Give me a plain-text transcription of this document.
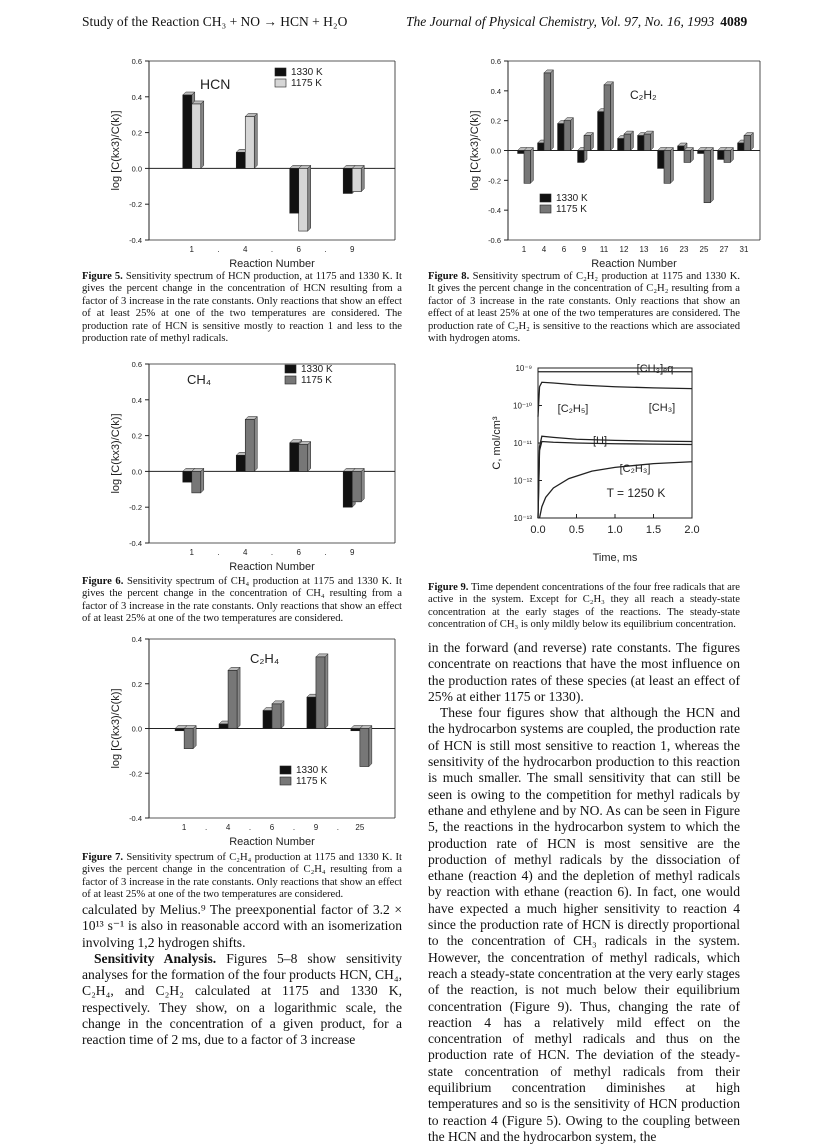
Study of the Reaction CH₃ + NO → HCN + H₂O	The Journal of Physical Chemistry, Vol. 97, No. 16, 1993 4089
-0.4
-0.2
0.0
0.2
0.4
0.6
log [C(kx3)/C(k)]
1	.	4	.	6	.	9
Reaction Number
HCN
1330 K
1175 K
Figure 5. Sensitivity spectrum of HCN production, at 1175 and 1330 K. It gives the percent change in the concentration of HCN resulting from a factor of 3 increase in the rate constants. Only reactions that show an effect of at least 25% at one of the two temperatures are considered. The production rate of HCN is sensitive mostly to reaction 1 and less to the production rate of methyl radicals.
-0.4
-0.2
0.0
0.2
0.4
0.6
log [C(kx3)/C(k)]
1	.	4	.	6	.	9
Reaction Number
CH₄
1330 K
1175 K
Figure 6. Sensitivity spectrum of CH₄ production at 1175 and 1330 K. It gives the percent change in the concentration of CH₄ resulting from a factor of 3 increase in the rate constants. Only reactions that show an effect of at least 25% at one of the two temperatures are considered.
-0.4
-0.2
0.0
0.2
0.4
log [C(kx3)/C(k)]
1 . 4 . 6 . 9 . 25
Reaction Number
C₂H₄
1330 K
1175 K
Figure 7. Sensitivity spectrum of C₂H₄ production at 1175 and 1330 K. It gives the percent change in the concentration of C₂H₄ resulting from a factor of 3 increase in the rate constants. Only reactions that show an effect of at least 25% at one of the two temperatures are considered.

calculated by Melius.⁹ The preexponential factor of 3.2 × 10¹³ s⁻¹ is also in reasonable accord with an isomerization involving 1,2 hydrogen shifts.

Sensitivity Analysis. Figures 5–8 show sensitivity analyses for the formation of the four products HCN, CH₄, C₂H₄, and C₂H₂ calculated at 1175 and 1330 K, respectively. They show, on a logarithmic scale, the change in the concentration of a given product, for a reaction time of 2 ms, due to a factor of 3 increase

-0.6
-0.4
-0.2
0.0
0.2
0.4
0.6
log [C(kx3)/C(k)]
1 4 6 9 11 12 13 16 23 25 27 31
Reaction Number
C₂H₂
1330 K
1175 K
Figure 8. Sensitivity spectrum of C₂H₂ production at 1175 and 1330 K. It gives the percent change in the concentration of C₂H₂ resulting from a factor of 3 increase in the rate constants. Only reactions that show an effect of at least 25% at one of the two temperatures are considered. The production rate of C₂H₂ is sensitive to the reactions which are associated with hydrogen atoms.
10⁻⁹
10⁻¹⁰
10⁻¹¹
10⁻¹²
10⁻¹³
0.0 0.5 1.0 1.5 2.0
C, mol/cm³
Time, ms
[CH₃]ₑq
[CH₃]
[C₂H₅]
[H]
[C₂H₃]
T = 1250 K
Figure 9. Time dependent concentrations of the four free radicals that are active in the system. Except for C₂H₃ they all reach a steady-state concentration at the early stages of the reactions. The steady-state concentration of CH₃ is only mildly below its equilibrium concentration.

in the forward (and reverse) rate constants. The figures concentrate on reactions that have the most influence on the production rates of these species (at least an effect of 25% at either 1175 or 1330).

These four figures show that although the HCN and the hydrocarbon systems are coupled, the production rate of HCN is still most sensitive to reaction 1, whereas the sensitivity of the hydrocarbon production to this reaction is much smaller. The small sensitivity that can still be seen is owing to the competition for methyl radicals by ethane and ethylene and by NO. As can be seen in Figure 5, the reactions in the hydrocarbon system to which the production rate of HCN is most sensitive are the production of methyl radicals by the dissociation of ethane (reaction 4) and the depletion of methyl radicals by reaction with ethane (reaction 6). In fact, one would have expected a much higher sensitivity to reaction 4 since the production rate of HCN is directly proportional to the concentration of CH₃ radicals in the system. However, the concentration of methyl radicals, which reach a steady-state concentration at the very early stages of the reaction, is not much below their equilibrium concentration (Figure 9). Thus, changing the rate of reaction 4 has a relatively mild effect on the concentration of methyl radicals and thus on the production rate of HCN. The deviation of the steady-state concentration of methyl radicals from their equilibrium concentration diminishes at high temperatures and so is the sensitivity of HCN production to reaction 4 (Figure 5). Owing to the coupling between the HCN and the hydrocarbon system, the
